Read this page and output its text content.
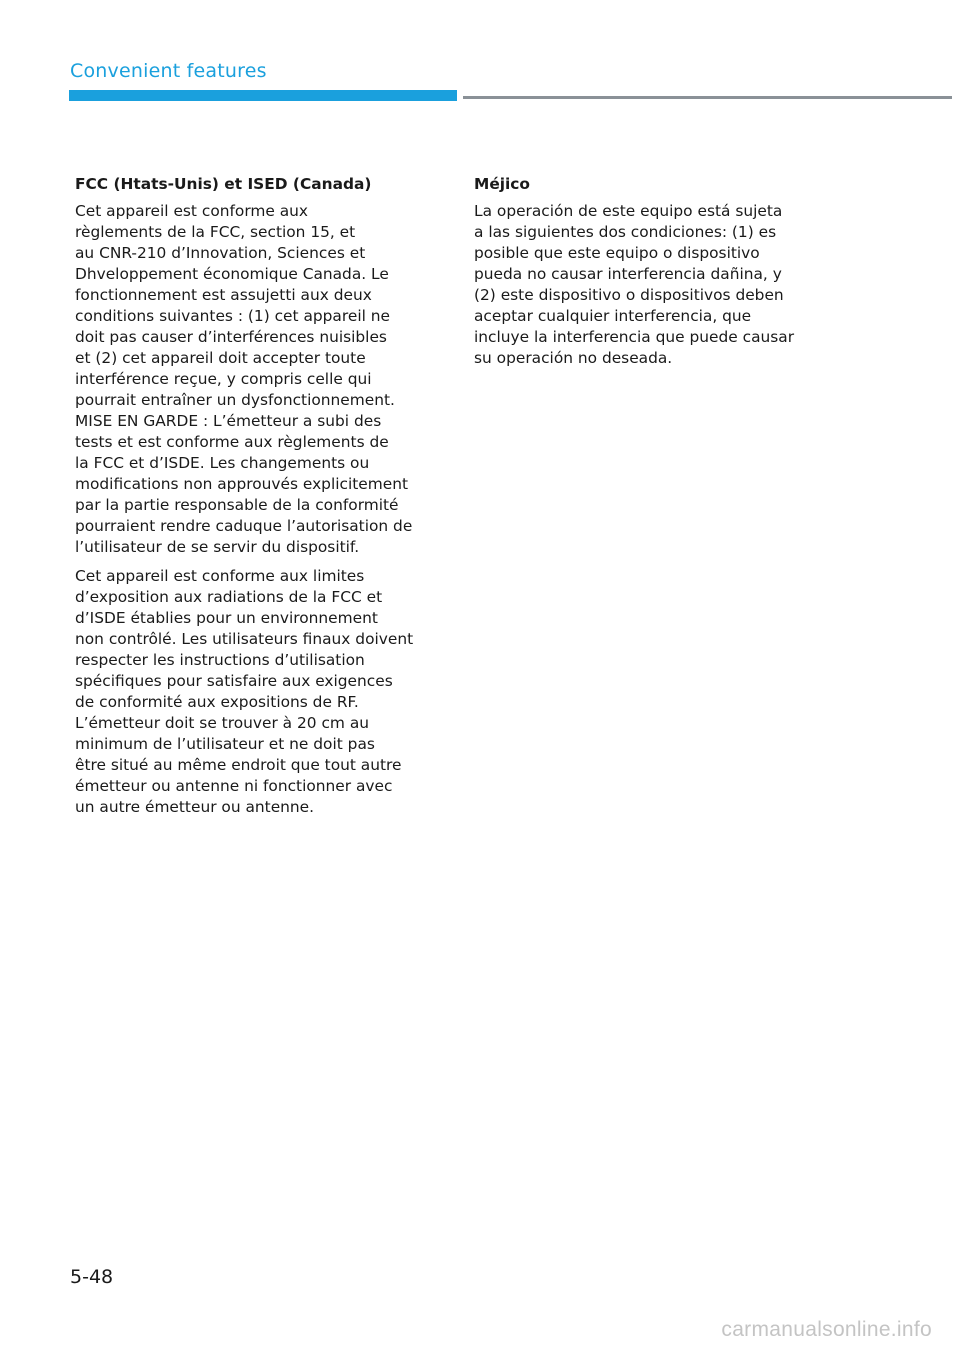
Convenient features
FCC (Htats-Unis) et ISED (Canada)

Cet appareil est conforme aux
règlements de la FCC, section 15, et
au CNR-210 d’Innovation, Sciences et
Dhveloppement économique Canada. Le
fonctionnement est assujetti aux deux
conditions suivantes : (1) cet appareil ne
doit pas causer d’interférences nuisibles
et (2) cet appareil doit accepter toute
interférence reçue, y compris celle qui
pourrait entraîner un dysfonctionnement.
MISE EN GARDE : L’émetteur a subi des
tests et est conforme aux règlements de
la FCC et d’ISDE. Les changements ou
modifications non approuvés explicitement
par la partie responsable de la conformité
pourraient rendre caduque l’autorisation de
l’utilisateur de se servir du dispositif.

Cet appareil est conforme aux limites
d’exposition aux radiations de la FCC et
d’ISDE établies pour un environnement
non contrôlé. Les utilisateurs finaux doivent
respecter les instructions d’utilisation
spécifiques pour satisfaire aux exigences
de conformité aux expositions de RF.
L’émetteur doit se trouver à 20 cm au
minimum de l’utilisateur et ne doit pas
être situé au même endroit que tout autre
émetteur ou antenne ni fonctionner avec
un autre émetteur ou antenne.

Méjico

La operación de este equipo está sujeta
a las siguientes dos condiciones: (1) es
posible que este equipo o dispositivo
pueda no causar interferencia dañina, y
(2) este dispositivo o dispositivos deben
aceptar cualquier interferencia, que
incluye la interferencia que puede causar
su operación no deseada.

5-48
carmanualsonline.info
